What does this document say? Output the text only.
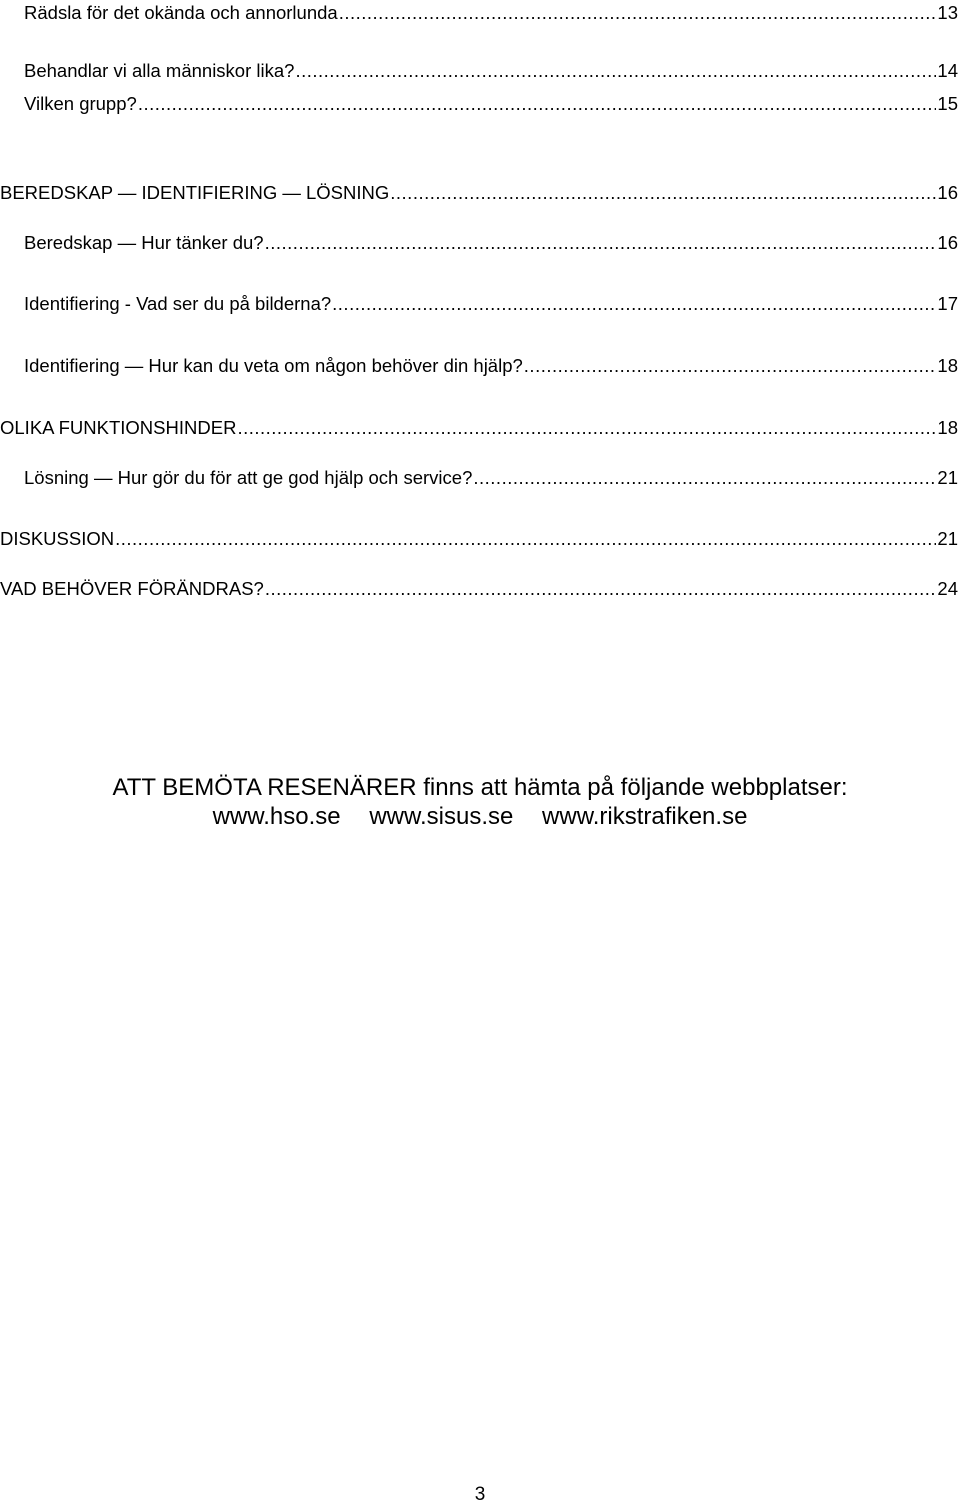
Rädsla för det okända och annorlunda .....	13
Behandlar vi alla människor lika? .....	14
Vilken grupp? .....	15
BEREDSKAP — IDENTIFIERING — LÖSNING .....	16
Beredskap — Hur tänker du? .....	16
Identifiering - Vad ser du på bilderna? .....	17
Identifiering — Hur kan du veta om någon behöver din hjälp? .....	18
OLIKA FUNKTIONSHINDER .....	18
Lösning — Hur gör du för att ge god hjälp och service? .....	21
DISKUSSION .....	21
VAD BEHÖVER FÖRÄNDRAS? .....	24
ATT BEMÖTA RESENÄRER finns att hämta på följande webbplatser:
www.hso.se www.sisus.se www.rikstrafiken.se
3
